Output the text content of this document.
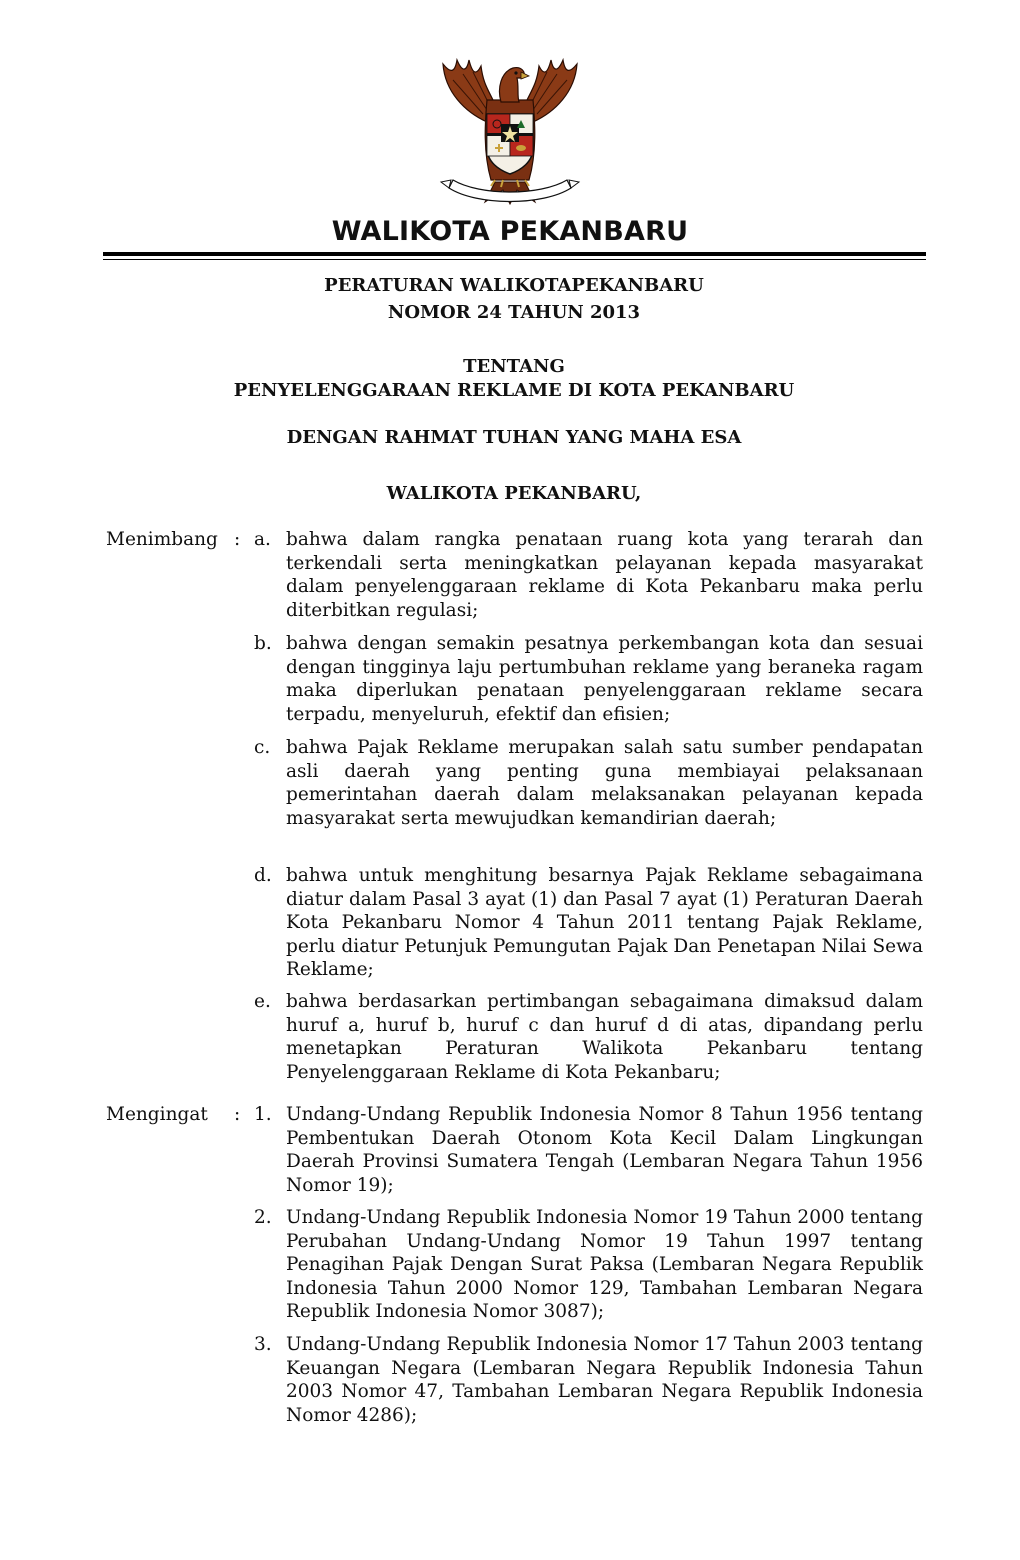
WALIKOTA PEKANBARU
PERATURAN WALIKOTAPEKANBARU
NOMOR 24 TAHUN 2013
TENTANG
PENYELENGGARAAN REKLAME DI KOTA PEKANBARU
DENGAN RAHMAT TUHAN YANG MAHA ESA
WALIKOTA PEKANBARU,
Menimbang : a. bahwa dalam rangka penataan ruang kota yang terarah dan terkendali serta meningkatkan pelayanan kepada masyarakat dalam penyelenggaraan reklame di Kota Pekanbaru maka perlu diterbitkan regulasi;

b. bahwa dengan semakin pesatnya perkembangan kota dan sesuai dengan tingginya laju pertumbuhan reklame yang beraneka ragam maka diperlukan penataan penyelenggaraan reklame secara terpadu, menyeluruh, efektif dan efisien;

c. bahwa Pajak Reklame merupakan salah satu sumber pendapatan asli daerah yang penting guna membiayai pelaksanaan pemerintahan daerah dalam melaksanakan pelayanan kepada masyarakat serta mewujudkan kemandirian daerah;

d. bahwa untuk menghitung besarnya Pajak Reklame sebagaimana diatur dalam Pasal 3 ayat (1) dan Pasal 7 ayat (1) Peraturan Daerah Kota Pekanbaru Nomor 4 Tahun 2011 tentang Pajak Reklame, perlu diatur Petunjuk Pemungutan Pajak Dan Penetapan Nilai Sewa Reklame;

e. bahwa berdasarkan pertimbangan sebagaimana dimaksud dalam huruf a, huruf b, huruf c dan huruf d di atas, dipandang perlu menetapkan Peraturan Walikota Pekanbaru tentang Penyelenggaraan Reklame di Kota Pekanbaru;

Mengingat : 1. Undang-Undang Republik Indonesia Nomor 8 Tahun 1956 tentang Pembentukan Daerah Otonom Kota Kecil Dalam Lingkungan Daerah Provinsi Sumatera Tengah (Lembaran Negara Tahun 1956 Nomor 19);

2. Undang-Undang Republik Indonesia Nomor 19 Tahun 2000 tentang Perubahan Undang-Undang Nomor 19 Tahun 1997 tentang Penagihan Pajak Dengan Surat Paksa (Lembaran Negara Republik Indonesia Tahun 2000 Nomor 129, Tambahan Lembaran Negara Republik Indonesia Nomor 3087);

3. Undang-Undang Republik Indonesia Nomor 17 Tahun 2003 tentang Keuangan Negara (Lembaran Negara Republik Indonesia Tahun 2003 Nomor 47, Tambahan Lembaran Negara Republik Indonesia Nomor 4286);
